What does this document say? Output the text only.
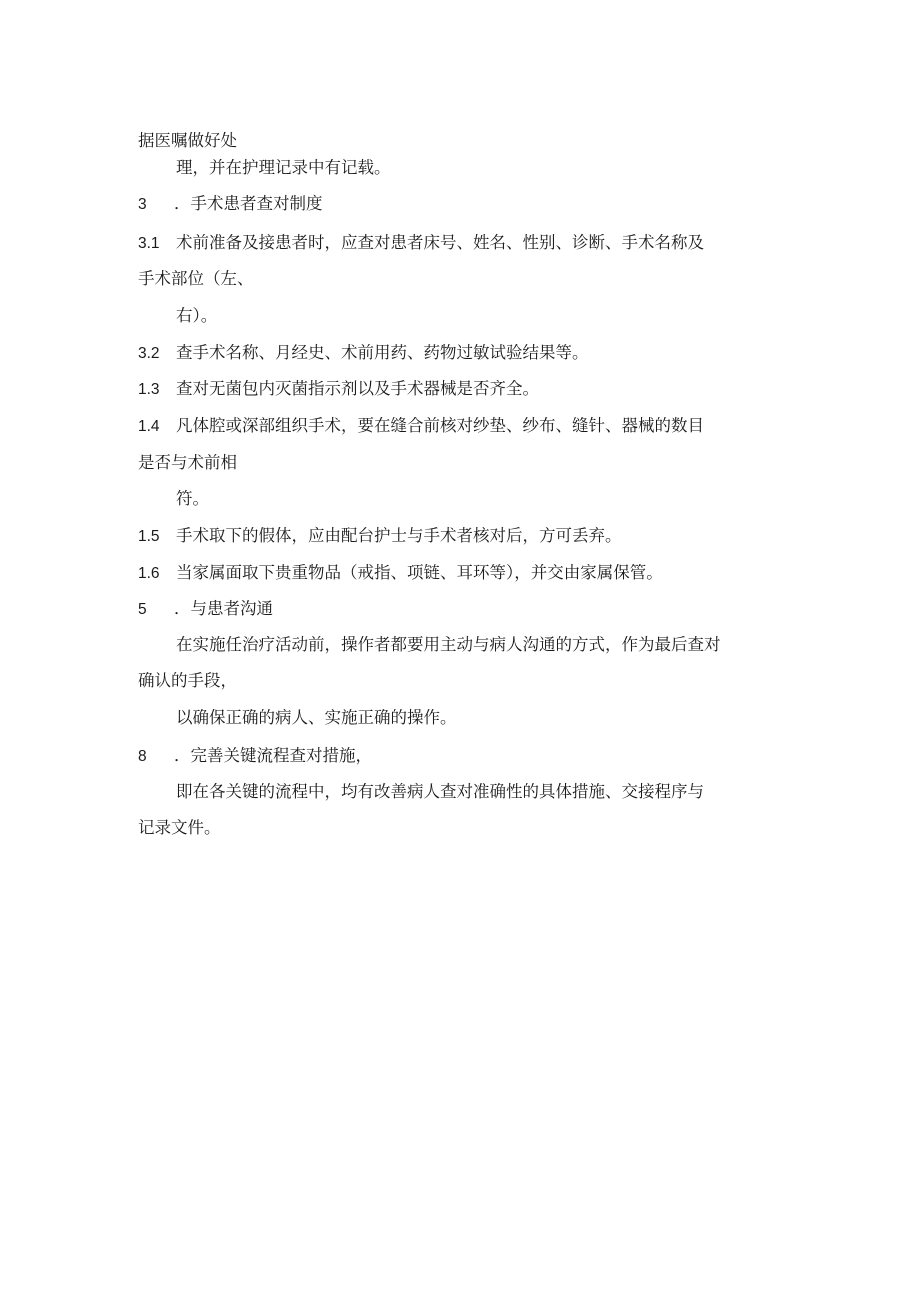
据医嘱做好处
理，并在护理记录中有记载。
3 ．手术患者查对制度
3.1 术前准备及接患者时，应查对患者床号、姓名、性别、诊断、手术名称及
手术部位（左、
右）。
3.2 查手术名称、月经史、术前用药、药物过敏试验结果等。
1.3 查对无菌包内灭菌指示剂以及手术器械是否齐全。
1.4 凡体腔或深部组织手术，要在缝合前核对纱垫、纱布、缝针、器械的数目
是否与术前相
符。
1.5 手术取下的假体，应由配台护士与手术者核对后，方可丢弃。
1.6 当家属面取下贵重物品（戒指、项链、耳环等），并交由家属保管。
5 ．与患者沟通
在实施任治疗活动前，操作者都要用主动与病人沟通的方式，作为最后查对
确认的手段，
以确保正确的病人、实施正确的操作。
8 ．完善关键流程查对措施，
即在各关键的流程中，均有改善病人查对准确性的具体措施、交接程序与
记录文件。
